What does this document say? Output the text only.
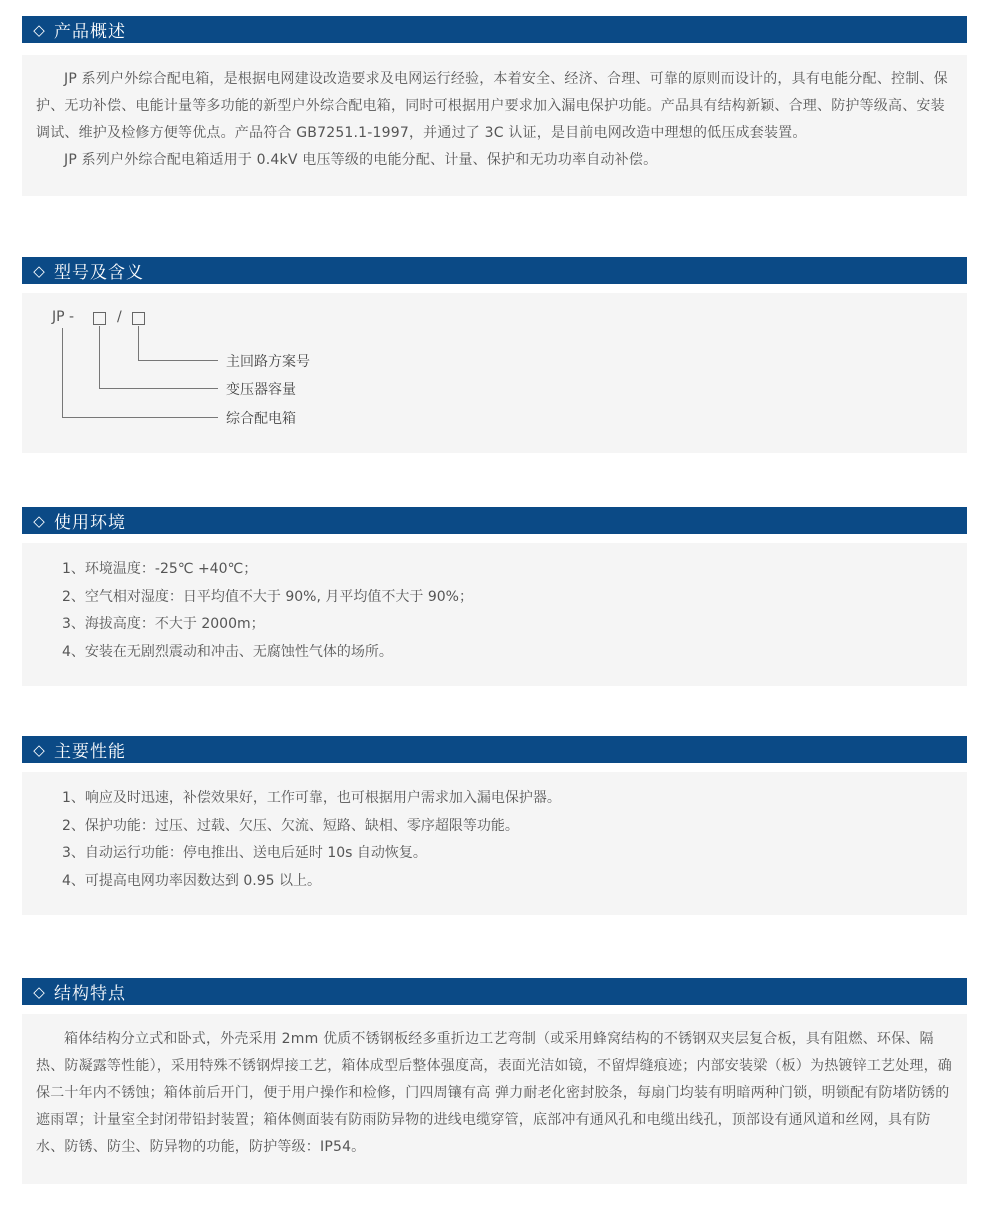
◇ 产品概述

JP 系列户外综合配电箱，是根据电网建设改造要求及电网运行经验，本着安全、经济、合理、可靠的原则而设计的，具有电能分配、控制、保护、无功补偿、电能计量等多功能的新型户外综合配电箱，同时可根据用户要求加入漏电保护功能。产品具有结构新颖、合理、防护等级高、安装调试、维护及检修方便等优点。产品符合 GB7251.1-1997，并通过了 3C 认证，是目前电网改造中理想的低压成套装置。

JP 系列户外综合配电箱适用于 0.4kV 电压等级的电能分配、计量、保护和无功功率自动补偿。

◇ 型号及含义
JP -	/
主回路方案号
变压器容量
综合配电箱
◇ 使用环境

1、环境温度：-25℃ +40℃；

2、空气相对湿度：日平均值不大于 90%, 月平均值不大于 90%；

3、海拔高度：不大于 2000m；

4、安装在无剧烈震动和冲击、无腐蚀性气体的场所。

◇ 主要性能

1、响应及时迅速，补偿效果好，工作可靠，也可根据用户需求加入漏电保护器。

2、保护功能：过压、过载、欠压、欠流、短路、缺相、零序超限等功能。

3、自动运行功能：停电推出、送电后延时 10s 自动恢复。

4、可提高电网功率因数达到 0.95 以上。

◇ 结构特点

箱体结构分立式和卧式，外壳采用 2mm 优质不锈钢板经多重折边工艺弯制（或采用蜂窝结构的不锈钢双夹层复合板，具有阻燃、环保、隔热、防凝露等性能），采用特殊不锈钢焊接工艺，箱体成型后整体强度高，表面光洁如镜，不留焊缝痕迹；内部安装梁（板）为热镀锌工艺处理，确保二十年内不锈蚀；箱体前后开门，便于用户操作和检修，门四周镶有高 弹力耐老化密封胶条，每扇门均装有明暗两种门锁，明锁配有防堵防锈的遮雨罩；计量室全封闭带铅封装置；箱体侧面装有防雨防异物的进线电缆穿管，底部冲有通风孔和电缆出线孔，顶部设有通风道和丝网，具有防水、防锈、防尘、防异物的功能，防护等级：IP54。
